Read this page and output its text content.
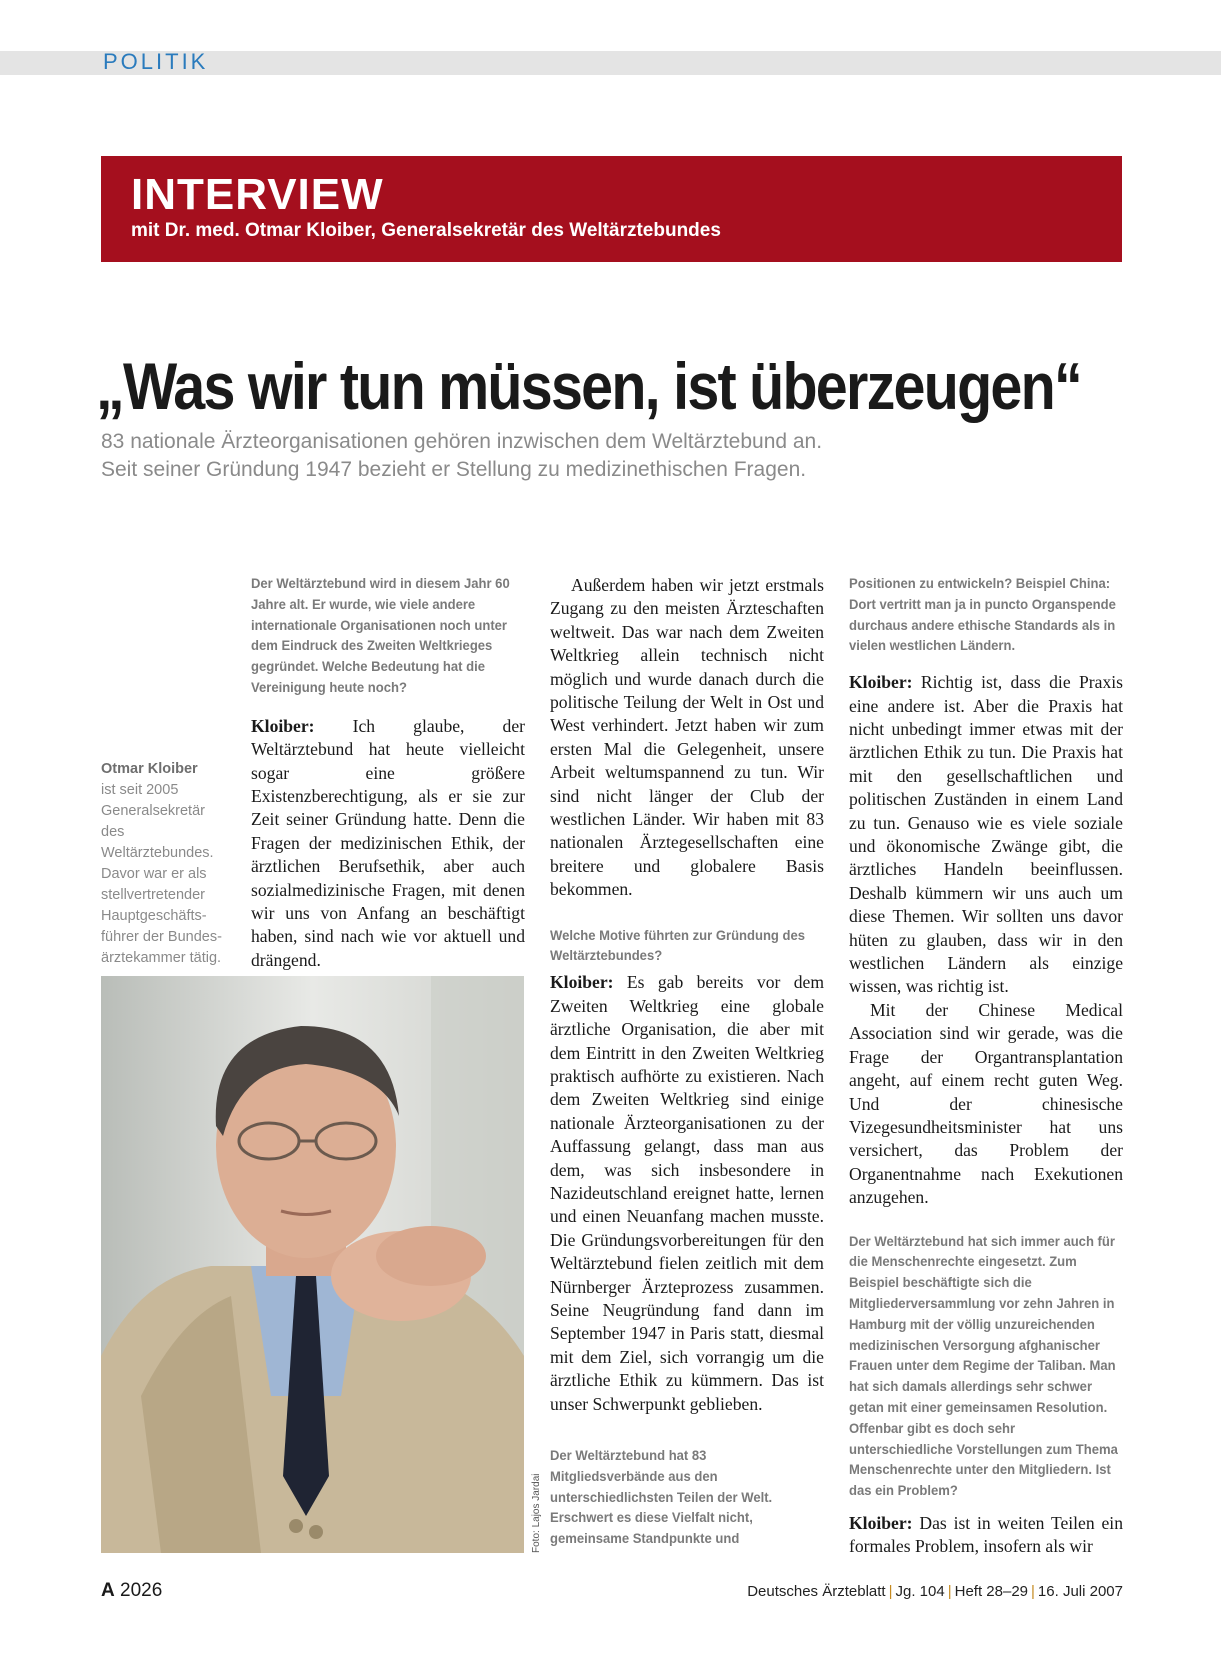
POLITIK
INTERVIEW
mit Dr. med. Otmar Kloiber, Generalsekretär des Weltärztebundes
„Was wir tun müssen, ist überzeugen“
83 nationale Ärzteorganisationen gehören inzwischen dem Weltärztebund an.
Seit seiner Gründung 1947 bezieht er Stellung zu medizinethischen Fragen.
Otmar Kloiber
ist seit 2005 Generalsekretär des Weltärztebundes. Davor war er als stellvertretender Hauptgeschäftsführer der Bundesärztekammer tätig.

Der Weltärztebund wird in diesem Jahr 60 Jahre alt. Er wurde, wie viele andere internationale Organisationen noch unter dem Eindruck des Zweiten Weltkrieges gegründet. Welche Bedeutung hat die Vereinigung heute noch?

Kloiber: Ich glaube, der Weltärztebund hat heute vielleicht sogar eine größere Existenzberechtigung, als er sie zur Zeit seiner Gründung hatte. Denn die Fragen der medizinischen Ethik, der ärztlichen Berufsethik, aber auch sozialmedizinische Fragen, mit denen wir uns von Anfang an beschäftigt haben, sind nach wie vor aktuell und drängend.

Außerdem haben wir jetzt erstmals Zugang zu den meisten Ärzteschaften weltweit. Das war nach dem Zweiten Weltkrieg allein technisch nicht möglich und wurde danach durch die politische Teilung der Welt in Ost und West verhindert. Jetzt haben wir zum ersten Mal die Gelegenheit, unsere Arbeit weltumspannend zu tun. Wir sind nicht länger der Club der westlichen Länder. Wir haben mit 83 nationalen Ärztegesellschaften eine breitere und globalere Basis bekommen.

Welche Motive führten zur Gründung des Weltärztebundes?

Kloiber: Es gab bereits vor dem Zweiten Weltkrieg eine globale ärztliche Organisation, die aber mit dem Eintritt in den Zweiten Weltkrieg praktisch aufhörte zu existieren. Nach dem Zweiten Weltkrieg sind einige nationale Ärzteorganisationen zu der Auffassung gelangt, dass man aus dem, was sich insbesondere in Nazideutschland ereignet hatte, lernen und einen Neuanfang machen musste. Die Gründungsvorbereitungen für den Weltärztebund fielen zeitlich mit dem Nürnberger Ärzteprozess zusammen. Seine Neugründung fand dann im September 1947 in Paris statt, diesmal mit dem Ziel, sich vorrangig um die ärztliche Ethik zu kümmern. Das ist unser Schwerpunkt geblieben.

Der Weltärztebund hat 83 Mitgliedsverbände aus den unterschiedlichsten Teilen der Welt. Erschwert es diese Vielfalt nicht, gemeinsame Standpunkte und

Positionen zu entwickeln? Beispiel China: Dort vertritt man ja in puncto Organspende durchaus andere ethische Standards als in vielen westlichen Ländern.

Kloiber: Richtig ist, dass die Praxis eine andere ist. Aber die Praxis hat nicht unbedingt immer etwas mit der ärztlichen Ethik zu tun. Die Praxis hat mit den gesellschaftlichen und politischen Zuständen in einem Land zu tun. Genauso wie es viele soziale und ökonomische Zwänge gibt, die ärztliches Handeln beeinflussen. Deshalb kümmern wir uns auch um diese Themen. Wir sollten uns davor hüten zu glauben, dass wir in den westlichen Ländern als einzige wissen, was richtig ist.

Mit der Chinese Medical Association sind wir gerade, was die Frage der Organtransplantation angeht, auf einem recht guten Weg. Und der chinesische Vizegesundheitsminister hat uns versichert, das Problem der Organentnahme nach Exekutionen anzugehen.

Der Weltärztebund hat sich immer auch für die Menschenrechte eingesetzt. Zum Beispiel beschäftigte sich die Mitgliederversammlung vor zehn Jahren in Hamburg mit der völlig unzureichenden medizinischen Versorgung afghanischer Frauen unter dem Regime der Taliban. Man hat sich damals allerdings sehr schwer getan mit einer gemeinsamen Resolution. Offenbar gibt es doch sehr unterschiedliche Vorstellungen zum Thema Menschenrechte unter den Mitgliedern. Ist das ein Problem?

Kloiber: Das ist in weiten Teilen ein formales Problem, insofern als wir

Foto: Lajos Jardai
A 2026	Deutsches Ärzteblatt | Jg. 104 | Heft 28–29 | 16. Juli 2007
